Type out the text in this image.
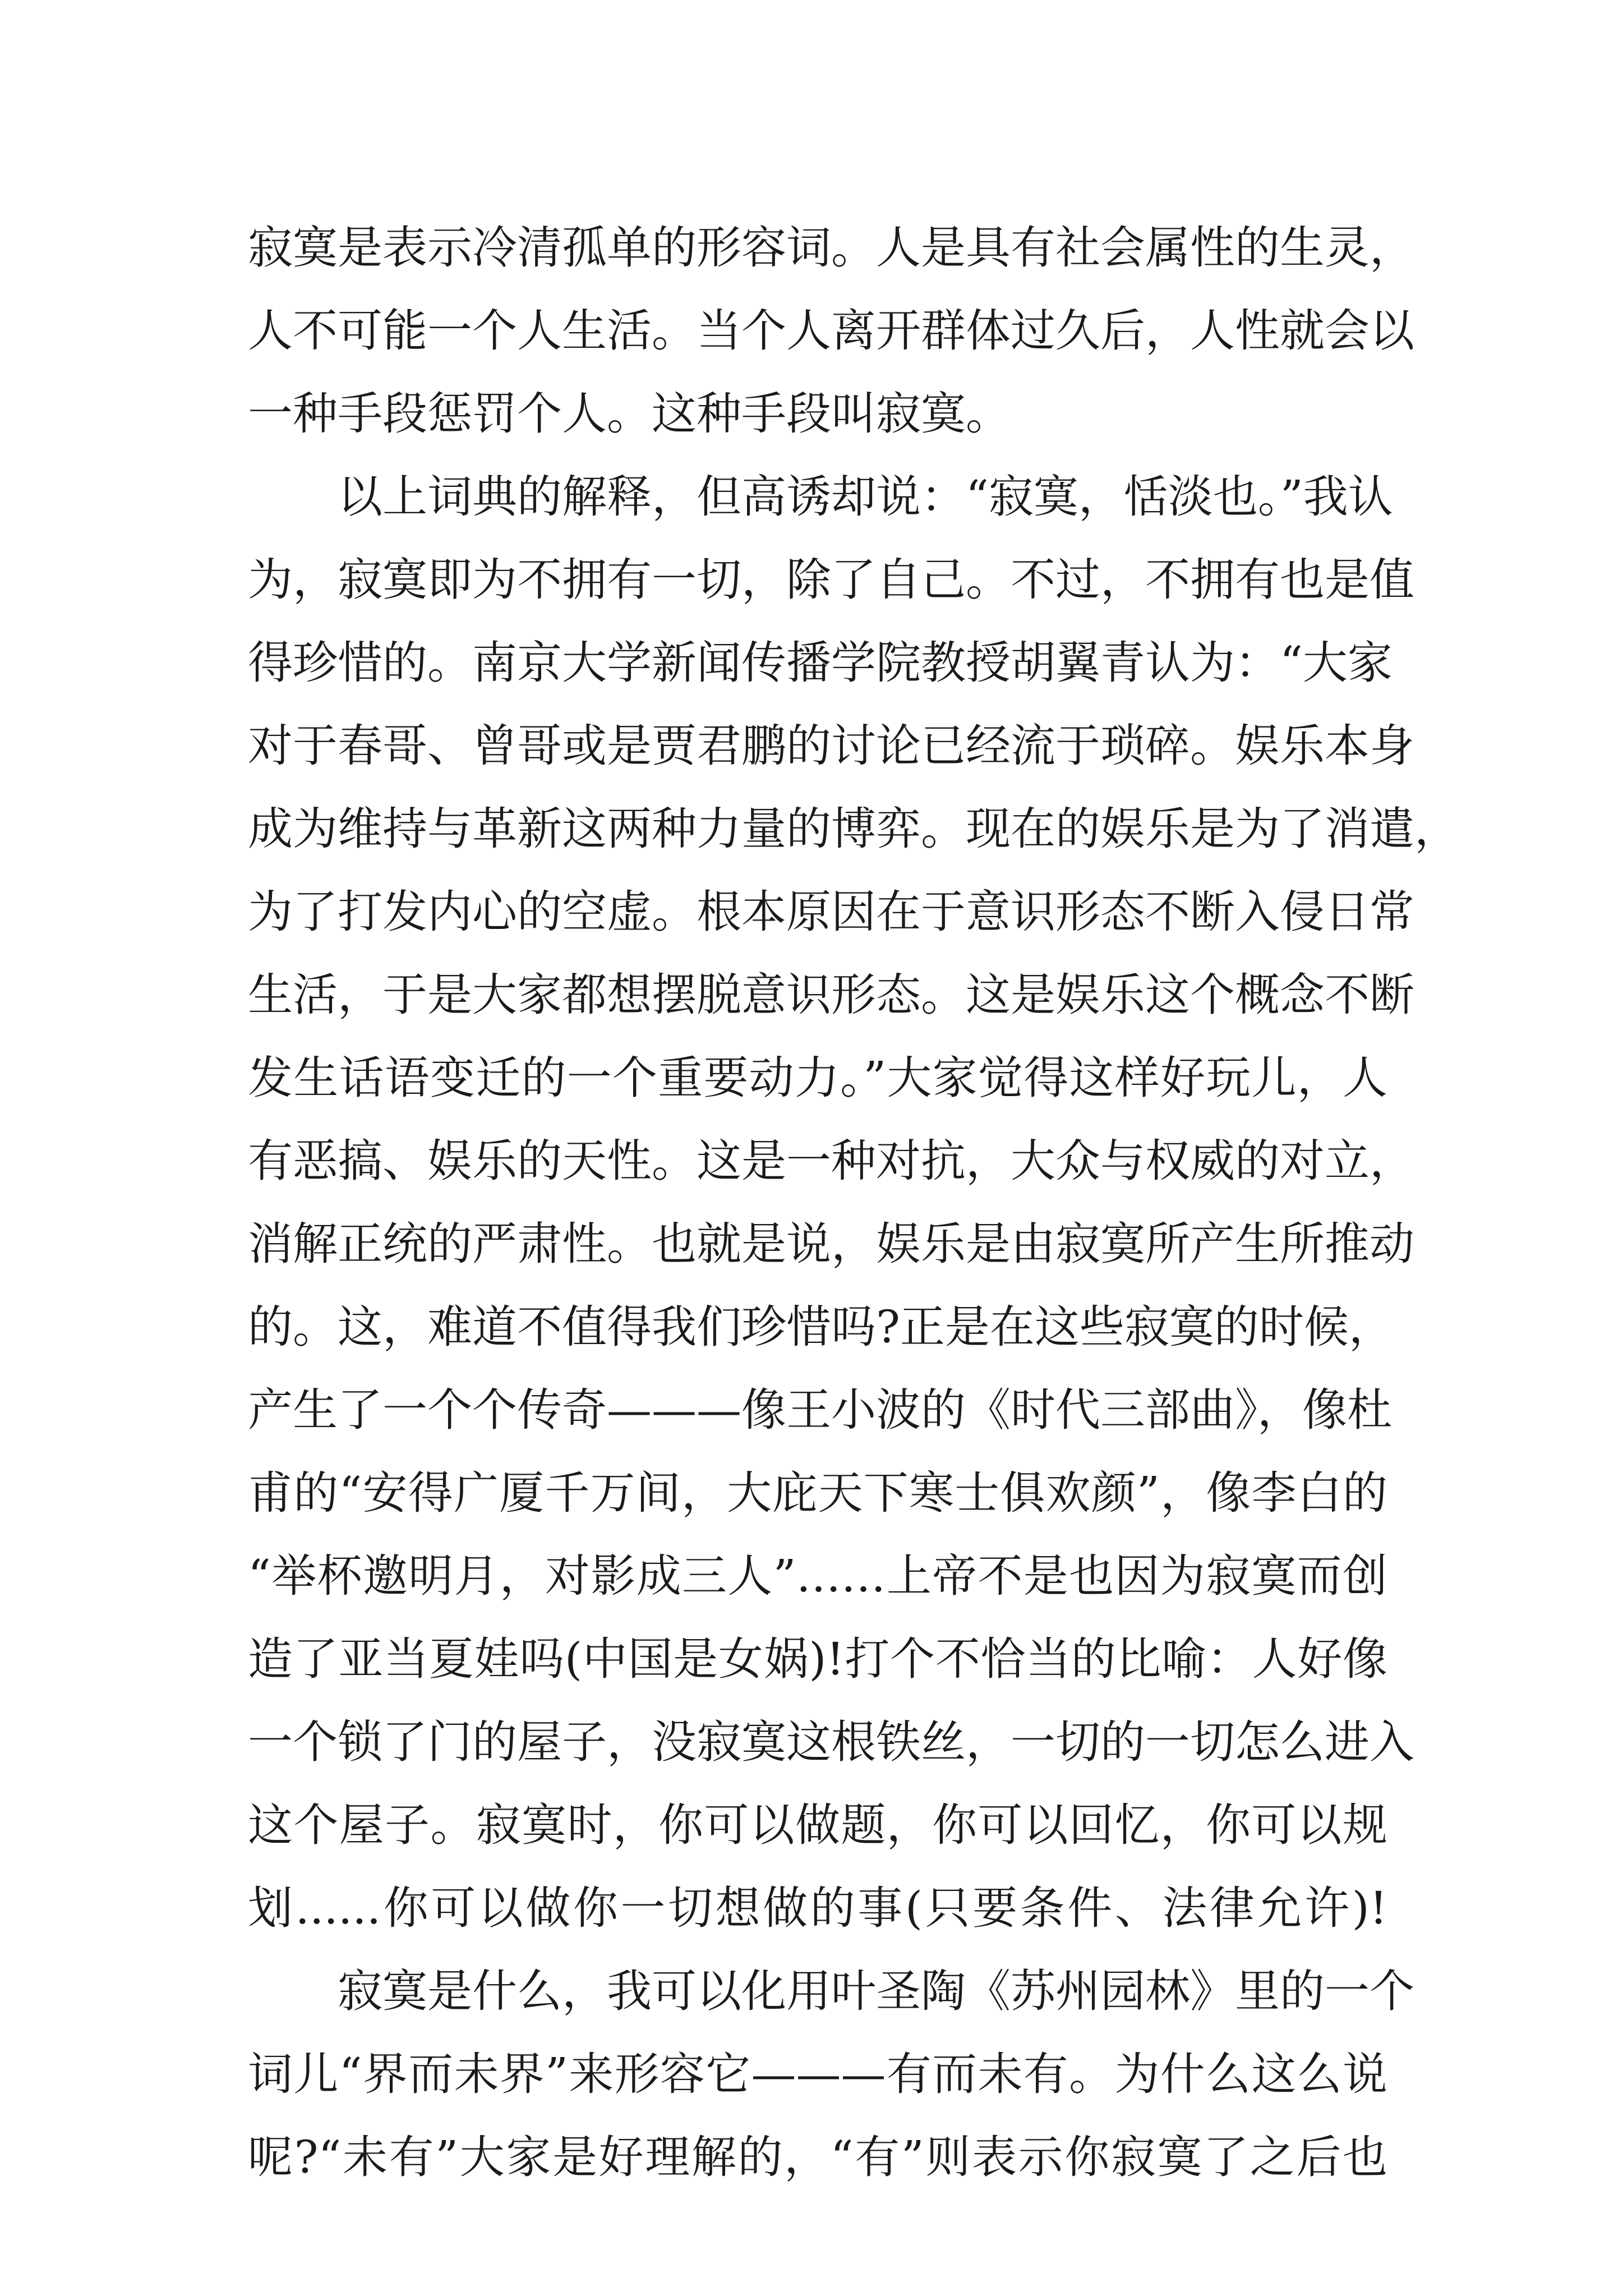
寂寞是表示冷清孤单的形容词。人是具有社会属性的生灵，
人不可能一个人生活。当个人离开群体过久后，人性就会以
一种手段惩罚个人。这种手段叫寂寞。
以上词典的解释，但高诱却说：“寂寞，恬淡也。”我认
为，寂寞即为不拥有一切，除了自己。不过，不拥有也是值
得珍惜的。南京大学新闻传播学院教授胡翼青认为：“大家
对于春哥、曾哥或是贾君鹏的讨论已经流于琐碎。娱乐本身
成为维持与革新这两种力量的博弈。现在的娱乐是为了消遣，
为了打发内心的空虚。根本原因在于意识形态不断入侵日常
生活，于是大家都想摆脱意识形态。这是娱乐这个概念不断
发生话语变迁的一个重要动力。”大家觉得这样好玩儿，人
有恶搞、娱乐的天性。这是一种对抗，大众与权威的对立，
消解正统的严肃性。也就是说，娱乐是由寂寞所产生所推动
的。这，难道不值得我们珍惜吗?正是在这些寂寞的时候，
产生了一个个传奇———像王小波的《时代三部曲》，像杜
甫的“安得广厦千万间，大庇天下寒士俱欢颜”，像李白的
“举杯邀明月，对影成三人”……上帝不是也因为寂寞而创
造了亚当夏娃吗(中国是女娲)!打个不恰当的比喻：人好像
一个锁了门的屋子，没寂寞这根铁丝，一切的一切怎么进入
这个屋子。寂寞时，你可以做题，你可以回忆，你可以规
划......你可以做你一切想做的事(只要条件、法律允许)!
寂寞是什么，我可以化用叶圣陶《苏州园林》里的一个
词儿“界而未界”来形容它———有而未有。为什么这么说
呢?“未有”大家是好理解的，“有”则表示你寂寞了之后也
